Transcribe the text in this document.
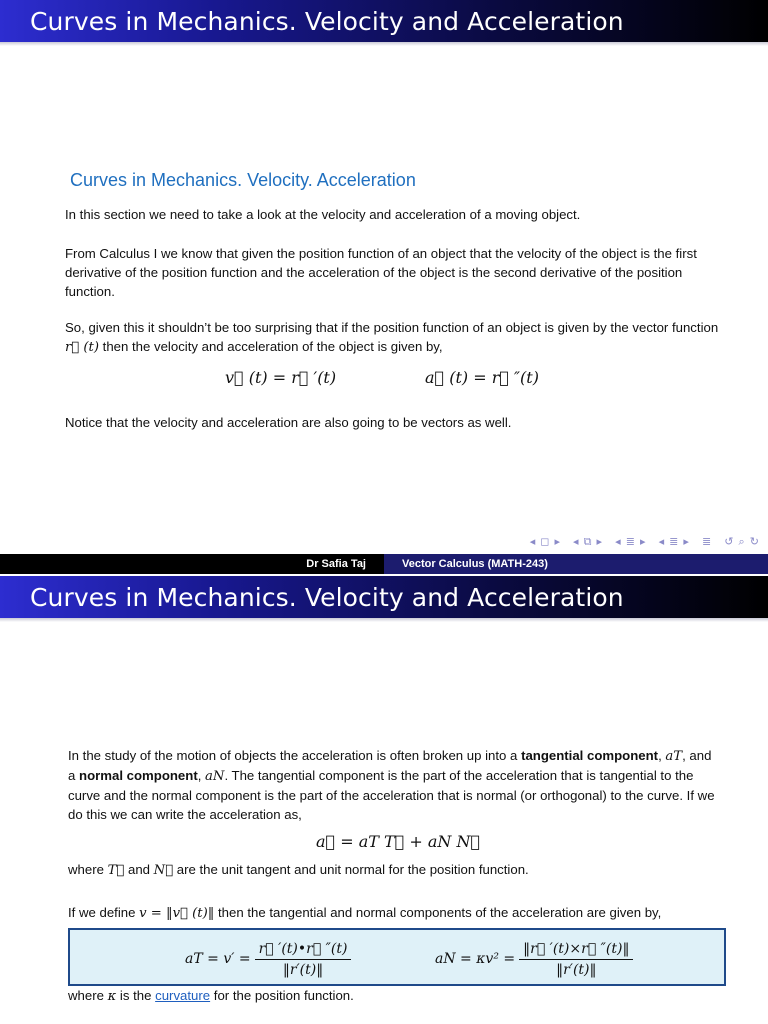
Curves in Mechanics. Velocity and Acceleration
Curves in Mechanics. Velocity. Acceleration
In this section we need to take a look at the velocity and acceleration of a moving object.
From Calculus I we know that given the position function of an object that the velocity of the object is the first derivative of the position function and the acceleration of the object is the second derivative of the position function.
So, given this it shouldn’t be too surprising that if the position function of an object is given by the vector function r⃗ (t) then the velocity and acceleration of the object is given by,
v⃗ (t) = r⃗ ′(t)	a⃗ (t) = r⃗ ″(t)
Notice that the velocity and acceleration are also going to be vectors as well.
◂ ◻ ▸ ◂ ⧉ ▸ ◂ ≣ ▸ ◂ ≣ ▸ ≣ ↺ ⌕ ↻
Dr Safia Taj	Vector Calculus (MATH-243)
Curves in Mechanics. Velocity and Acceleration
In the study of the motion of objects the acceleration is often broken up into a tangential component, aT, and a normal component, aN. The tangential component is the part of the acceleration that is tangential to the curve and the normal component is the part of the acceleration that is normal (or orthogonal) to the curve. If we do this we can write the acceleration as,
a⃗ = aT T⃗ + aN N⃗
where T⃗ and N⃗ are the unit tangent and unit normal for the position function.
If we define v = ‖v⃗ (t)‖ then the tangential and normal components of the acceleration are given by,
aT = $v' = \frac{r⃗ '(t)•r⃗ ''(t)}{‖r'(t)‖}$	aN = $\kappa v^2 = \frac{‖r⃗ '(t)\times r⃗ ''(t)‖}{‖r'(t)‖}$
where κ is the curvature for the position function.
